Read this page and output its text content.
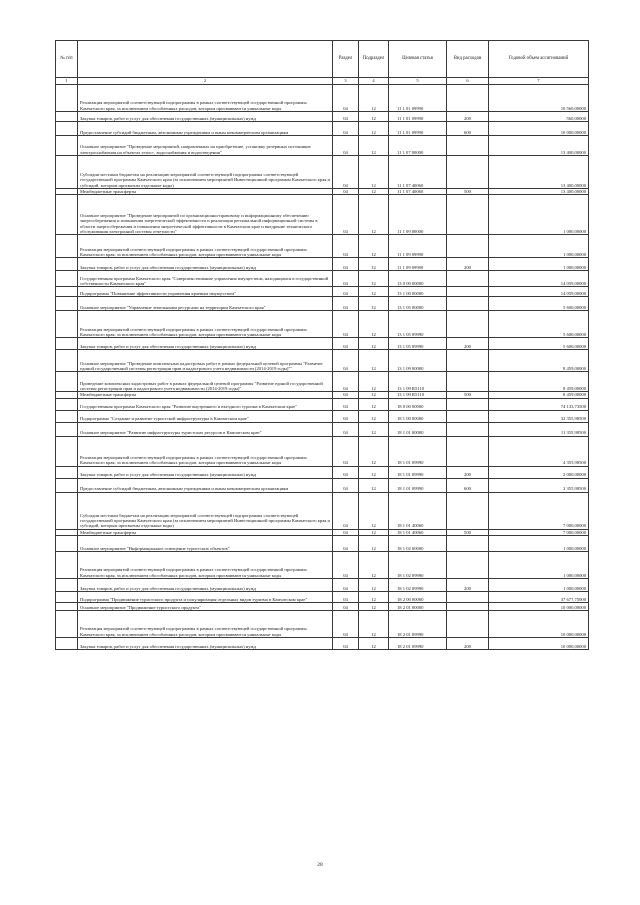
№ п/п		Раздел	Подраздел	Целевая статья	Вид расходов	Годовой объем ассигнований
1	2	3	4	5	6	7
	Реализация мероприятий соответствующей подпрограммы в рамках соответствующей государственной программы Камчатского края, за исключением обособленных расходов, которым присваиваются уникальные коды	04	12	11 1 01 09990		10 560,00000
	Закупка товаров, работ и услуг для обеспечения государственных (муниципальных) нужд	04	12	11 1 01 09990	200	560,00000
	Предоставление субсидий бюджетным, автономным учреждениям и иным некоммерческим организациям	04	12	11 1 01 09990	600	10 000,00000
	Основное мероприятие "Проведение мероприятий, направленных на приобретение, установку резервных источников электроснабжения на объектах тепло-, водоснабжения и водоотведения"	04	12	11 1 07 00000		13 400,00000
	Субсидии местным бюджетам на реализацию мероприятий соответствующей подпрограммы соответствующей государственной программы Камчатского края (за исключением мероприятий Инвестиционной программы Камчатского края и субсидий, которым присвоены отдельные коды)	04	12	11 1 07 40060		13 400,00000
	Межбюджетные трансферты	04	12	11 1 07 40060	500	13 400,00000
	Основное мероприятие "Проведение мероприятий по организационно-правовому и информационному обеспечению энергосбережения и повышения энергетической эффективности и реализация региональной информационной системы в области энергосбережения и повышения энергетической эффективности в Камчатском крае и внедрение технического обслуживания электронной системы отчетности"	04	12	11 1 09 00000		1 000,00000
	Реализация мероприятий соответствующей подпрограммы в рамках соответствующей государственной программы Камчатского края, за исключением обособленных расходов, которым присваиваются уникальные коды	04	12	11 1 09 09990		1 000,00000
	Закупка товаров, работ и услуг для обеспечения государственных (муниципальных) нужд	04	12	11 1 09 09990	200	1 000,00000
	Государственная программа Камчатского края "Совершенствование управления имуществом, находящимся в государственной собственности Камчатского края"	04	12	13 0 00 00000		14 059,00000
	Подпрограмма "Повышение эффективности управления краевым имуществом"	04	12	13 1 00 00000		14 059,00000
	Основное мероприятие "Управление земельными ресурсами на территории Камчатского края"	04	12	13 1 05 00000		5 600,00000
	Реализация мероприятий соответствующей подпрограммы в рамках соответствующей государственной программы Камчатского края, за исключением обособленных расходов, которым присваиваются уникальные коды	04	12	13 1 05 09990		5 600,00000
	Закупка товаров, работ и услуг для обеспечения государственных (муниципальных) нужд	04	12	13 1 05 09990	200	5 600,00000
	Основное мероприятие "Проведение комплексных кадастровых работ в рамках федеральной целевой программы "Развитие единой государственной системы регистрации прав и кадастрового учета недвижимости (2014-2019 годы)""	04	12	13 1 09 00000		8 459,00000
	Проведение комплексных кадастровых работ в рамках федеральной целевой программы "Развитие единой государственной системы регистрации прав и кадастрового учета недвижимости (2014-2019 годы)"	04	12	13 1 09 R5110		8 459,00000
	Межбюджетные трансферты	04	12	13 1 09 R5110	500	8 459,00000
	Государственная программа Камчатского края "Развитие внутреннего и въездного туризма в Камчатском крае"	04	12	18 0 00 00000		74 133,73500
	Подпрограмма "Создание и развитие туристской инфраструктуры в Камчатском крае"	04	12	18 1 00 00000		32 355,98500
	Основное мероприятие "Развитие инфраструктуры туристских ресурсов в Камчатском крае"	04	12	18 1 01 00000		11 355,98500
	Реализация мероприятий соответствующей подпрограммы в рамках соответствующей государственной программы Камчатского края, за исключением обособленных расходов, которым присваиваются уникальные коды	04	12	18 1 01 09990		4 355,98500
	Закупка товаров, работ и услуг для обеспечения государственных (муниципальных) нужд	04	12	18 1 01 09990	200	2 000,00000
	Предоставление субсидий бюджетным, автономным учреждениям и иным некоммерческим организациям	04	12	18 1 01 09990	600	2 355,98500
	Субсидии местным бюджетам на реализацию мероприятий соответствующей подпрограммы соответствующей государственной программы Камчатского края (за исключением мероприятий Инвестиционной программы Камчатского края и субсидий, которым присвоены отдельные коды)	04	12	18 1 01 40060		7 000,00000
	Межбюджетные трансферты	04	12	18 1 01 40060	500	7 000,00000
	Основное мероприятие "Информационное освещение туристских объектов"	04	12	18 1 02 00000		1 000,00000
	Реализация мероприятий соответствующей подпрограммы в рамках соответствующей государственной программы Камчатского края, за исключением обособленных расходов, которым присваиваются уникальные коды	04	12	18 1 02 09990		1 000,00000
	Закупка товаров, работ и услуг для обеспечения государственных (муниципальных) нужд	04	12	18 1 02 09990	200	1 000,00000
	Подпрограмма "Продвижение туристского продукта и популяризация отдельных видов туризма в Камчатском крае"	04	12	18 2 00 00000		37 677,75000
	Основное мероприятие "Продвижение туристского продукта"	04	12	18 2 01 00000		10 000,00000
	Реализация мероприятий соответствующей подпрограммы в рамках соответствующей государственной программы Камчатского края, за исключением обособленных расходов, которым присваиваются уникальные коды	04	12	18 2 01 09990		10 000,00000
	Закупка товаров, работ и услуг для обеспечения государственных (муниципальных) нужд	04	12	18 2 01 09990	200	10 000,00000
28
